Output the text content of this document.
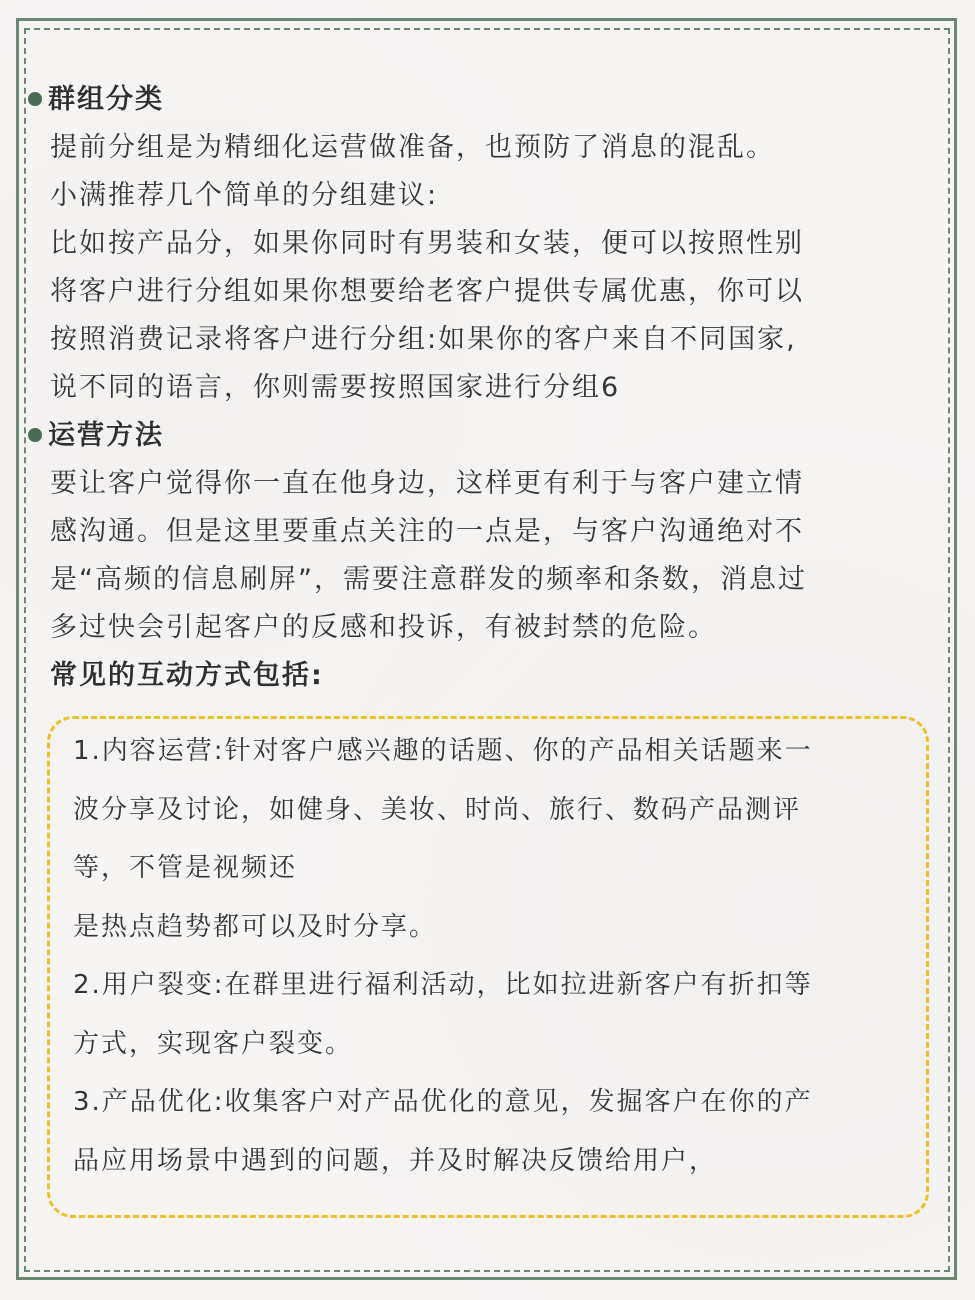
群组分类
提前分组是为精细化运营做准备，也预防了消息的混乱。
小满推荐几个简单的分组建议:
比如按产品分，如果你同时有男装和女装，便可以按照性别
将客户进行分组如果你想要给老客户提供专属优惠，你可以
按照消费记录将客户进行分组:如果你的客户来自不同国家,
说不同的语言，你则需要按照国家进行分组6
运营方法
要让客户觉得你一直在他身边，这样更有利于与客户建立情
感沟通。但是这里要重点关注的一点是，与客户沟通绝对不
是“高频的信息刷屏”，需要注意群发的频率和条数，消息过
多过快会引起客户的反感和投诉，有被封禁的危险。
常见的互动方式包括:
1.内容运营:针对客户感兴趣的话题、你的产品相关话题来一
波分享及讨论，如健身、美妆、时尚、旅行、数码产品测评
等，不管是视频还
是热点趋势都可以及时分享。
2.用户裂变:在群里进行福利活动，比如拉进新客户有折扣等
方式，实现客户裂变。
3.产品优化:收集客户对产品优化的意见，发掘客户在你的产
品应用场景中遇到的问题，并及时解决反馈给用户，
